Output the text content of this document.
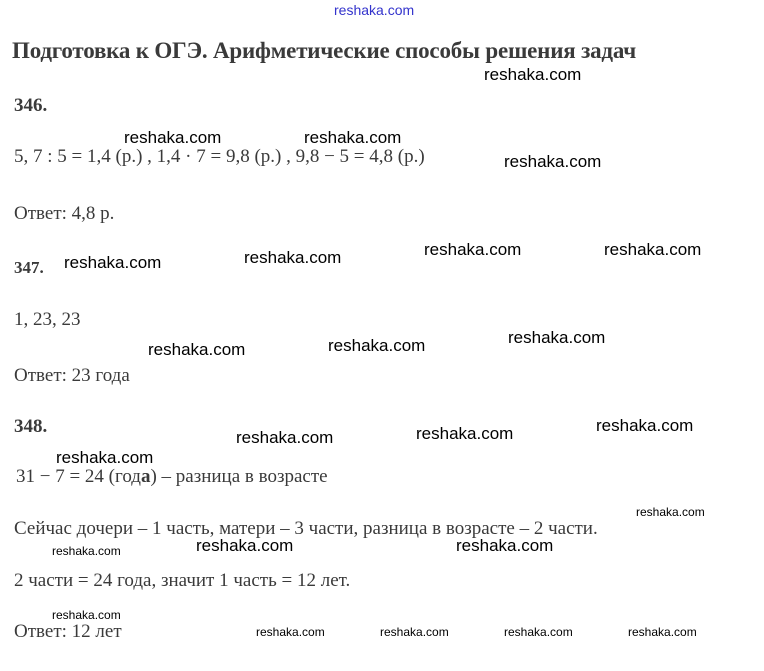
reshaka.com
Подготовка к ОГЭ. Арифметические способы решения задач
346.
5, 7 : 5 = 1,4 (р.) , 1,4 · 7 = 9,8 (р.) , 9,8 − 5 = 4,8 (р.)
Ответ: 4,8 р.
347.
1, 23, 23
Ответ: 23 года
348.
31 − 7 = 24 (года) – разница в возрасте
Сейчас дочери – 1 часть, матери – 3 части, разница в возрасте – 2 части.
2 части = 24 года, значит 1 часть = 12 лет.
Ответ: 12 лет
reshaka.com
reshaka.com	reshaka.com
reshaka.com
reshaka.com	reshaka.com
reshaka.com
reshaka.com
reshaka.com
reshaka.com
reshaka.com
reshaka.com
reshaka.com
reshaka.com
reshaka.com
reshaka.com	reshaka.com
reshaka.com
reshaka.com
reshaka.com
reshaka.com	reshaka.com	reshaka.com	reshaka.com
